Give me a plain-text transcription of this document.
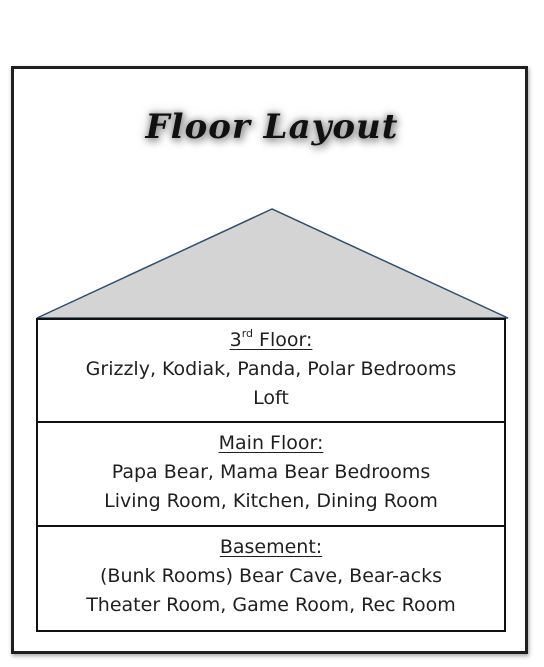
Floor Layout
3rd Floor:
Grizzly, Kodiak, Panda, Polar Bedrooms
Loft
Main Floor:
Papa Bear, Mama Bear Bedrooms
Living Room, Kitchen, Dining Room
Basement:
(Bunk Rooms) Bear Cave, Bear-acks
Theater Room, Game Room, Rec Room
